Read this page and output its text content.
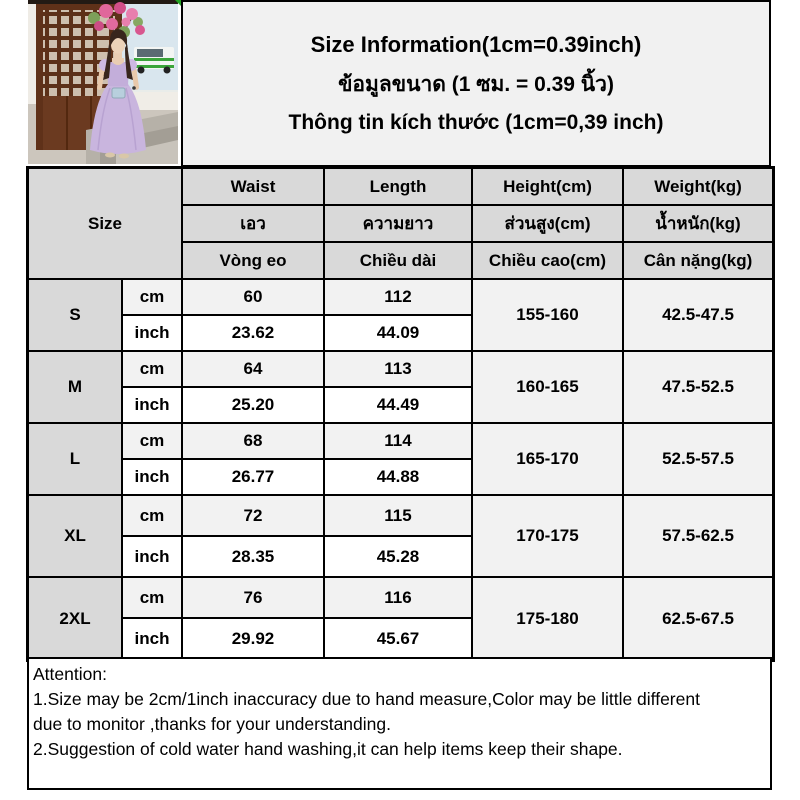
Size Information(1cm=0.39inch)
ข้อมูลขนาด (1 ซม. = 0.39 นิ้ว)
Thông tin kích thước (1cm=0,39 inch)
Size		Waist	Length	Height(cm)	Weight(kg)
		เอว	ความยาว	ส่วนสูง(cm)	น้ำหนัก(kg)
		Vòng eo	Chiều dài	Chiều cao(cm)	Cân nặng(kg)
S	cm	60	112	155-160	42.5-47.5
	inch	23.62	44.09		
M	cm	64	113	160-165	47.5-52.5
	inch	25.20	44.49		
L	cm	68	114	165-170	52.5-57.5
	inch	26.77	44.88		
XL	cm	72	115	170-175	57.5-62.5
	inch	28.35	45.28		
2XL	cm	76	116	175-180	62.5-67.5
	inch	29.92	45.67		
Attention:
1.Size may be 2cm/1inch inaccuracy due to hand measure,Color may be little different
due to monitor ,thanks for your understanding.
2.Suggestion of cold water hand washing,it can help items keep their shape.
